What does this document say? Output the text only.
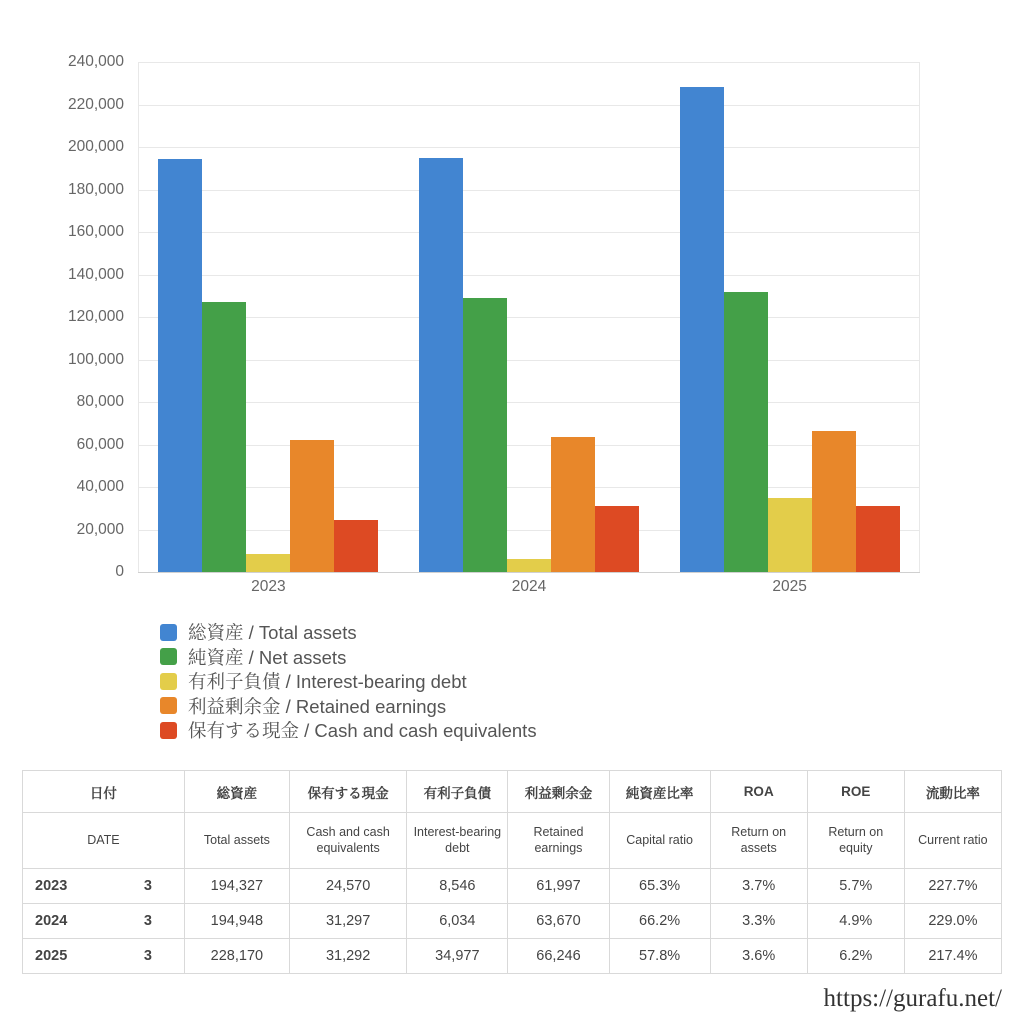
0
20,000
40,000
60,000
80,000
100,000
120,000
140,000
160,000
180,000
200,000
220,000
240,000
2023	2024	2025
総資産 / Total assets
純資産 / Net assets
有利子負債 / Interest-bearing debt
利益剰余金 / Retained earnings
保有する現金 / Cash and cash equivalents
日付		総資産	保有する現金	有利子負債	利益剰余金	純資産比率	ROA	ROE	流動比率
DATE		Total assets	Cash and cash equivalents	Interest-bearing debt	Retained earnings	Capital ratio	Return on assets	Return on equity	Current ratio
2023	3	194,327	24,570	8,546	61,997	65.3%	3.7%	5.7%	227.7%
2024	3	194,948	31,297	6,034	63,670	66.2%	3.3%	4.9%	229.0%
2025	3	228,170	31,292	34,977	66,246	57.8%	3.6%	6.2%	217.4%
https://gurafu.net/
